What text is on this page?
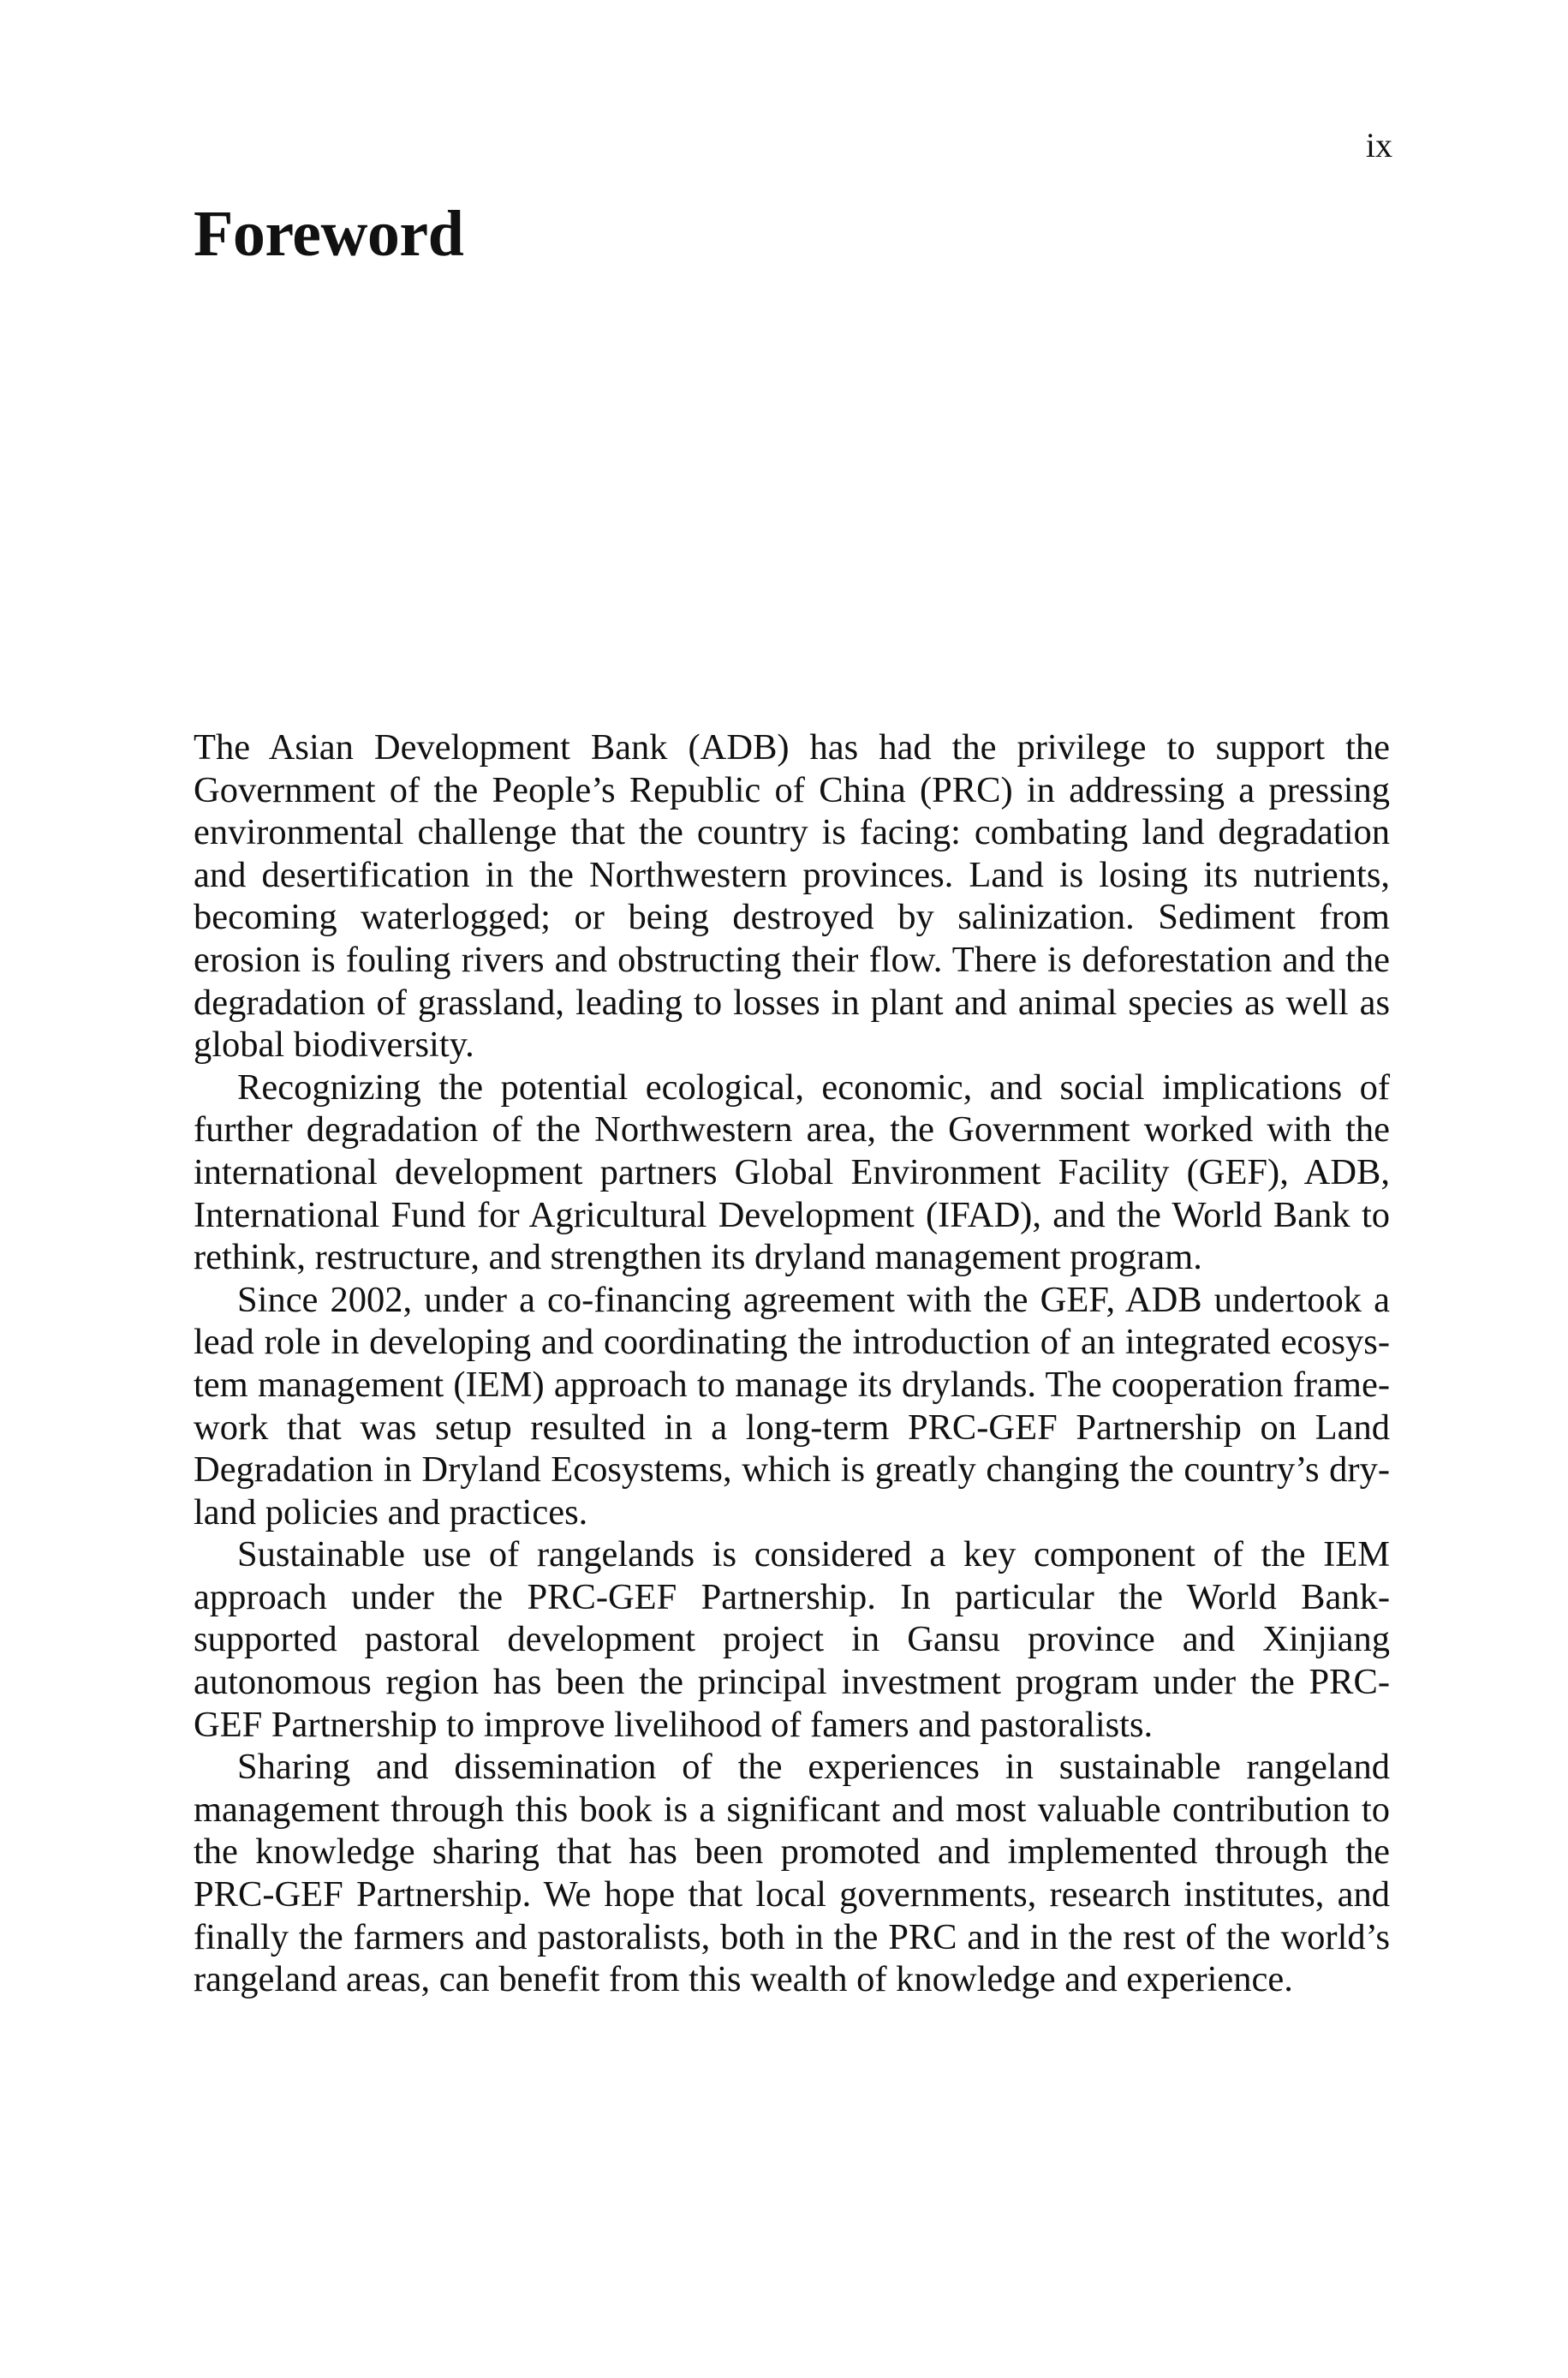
ix
Foreword

The Asian Development Bank (ADB) has had the privilege to support the Government of the People’s Republic of China (PRC) in addressing a pressing environmental challenge that the country is facing: combating land degradation and desertification in the Northwestern provinces. Land is losing its nutrients, becoming waterlogged; or being destroyed by salinization. Sediment from erosion is fouling rivers and obstructing their flow. There is deforestation and the degradation of grassland, leading to losses in plant and animal species as well as global biodiversity.

Recognizing the potential ecological, economic, and social implications of further degradation of the Northwestern area, the Government worked with the international development partners Global Environment Facility (GEF), ADB, International Fund for Agricultural Development (IFAD), and the World Bank to rethink, restructure, and strengthen its dryland management program.

Since 2002, under a co-financing agreement with the GEF, ADB undertook a lead role in developing and coordinating the introduction of an integrated ecosystem management (IEM) approach to manage its drylands. The cooperation framework that was setup resulted in a long-term PRC-GEF Partnership on Land Degradation in Dryland Ecosystems, which is greatly changing the country’s dryland policies and practices.

Sustainable use of rangelands is considered a key component of the IEM approach under the PRC-GEF Partnership. In particular the World Bank-supported pastoral development project in Gansu province and Xinjiang autonomous region has been the principal investment program under the PRC-GEF Partnership to improve livelihood of famers and pastoralists.

Sharing and dissemination of the experiences in sustainable rangeland management through this book is a significant and most valuable contribution to the knowledge sharing that has been promoted and implemented through the PRC-GEF Partnership. We hope that local governments, research institutes, and finally the farmers and pastoralists, both in the PRC and in the rest of the world’s rangeland areas, can benefit from this wealth of knowledge and experience.
